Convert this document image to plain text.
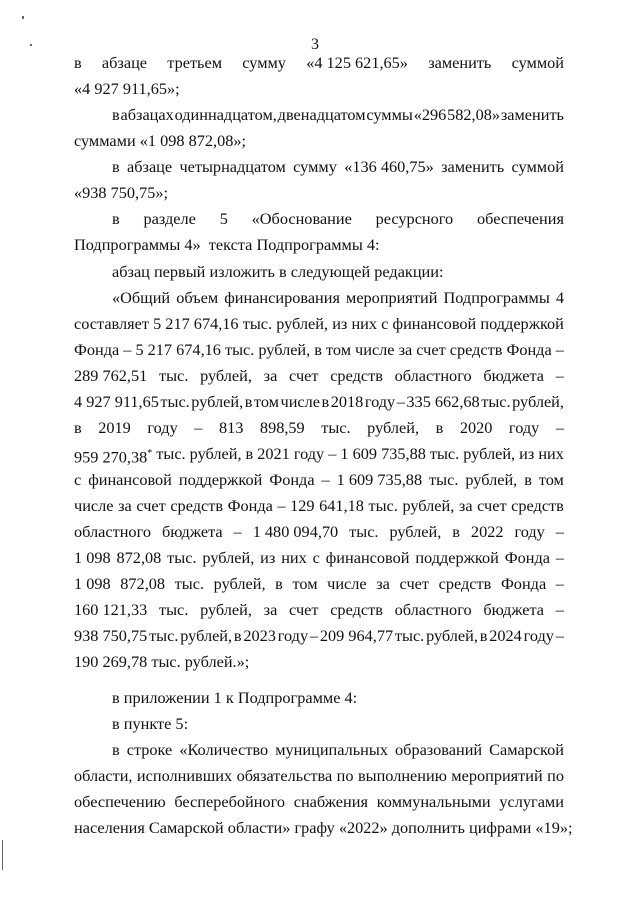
3
в абзаце третьем сумму «4 125 621,65» заменить суммой
«4 927 911,65»;
в абзацах одиннадцатом, двенадцатом суммы «296 582,08» заменить
суммами «1 098 872,08»;
в абзаце четырнадцатом сумму «136 460,75» заменить суммой
«938 750,75»;
в разделе 5 «Обоснование ресурсного обеспечения
Подпрограммы 4»  текста Подпрограммы 4:
абзац первый изложить в следующей редакции:
«Общий объем финансирования мероприятий Подпрограммы 4
составляет 5 217 674,16 тыс. рублей, из них с финансовой поддержкой
Фонда – 5 217 674,16 тыс. рублей, в том числе за счет средств Фонда –
289 762,51 тыс. рублей, за счет средств областного бюджета –
4 927 911,65 тыс. рублей, в том числе в 2018 году – 335 662,68 тыс. рублей,
в 2019 году – 813 898,59 тыс. рублей, в 2020 году –
959 270,38* тыс. рублей, в 2021 году – 1 609 735,88 тыс. рублей, из них
с финансовой поддержкой Фонда – 1 609 735,88 тыс. рублей, в том
числе за счет средств Фонда – 129 641,18 тыс. рублей, за счет средств
областного бюджета – 1 480 094,70 тыс. рублей, в 2022 году –
1 098 872,08 тыс. рублей, из них с финансовой поддержкой Фонда –
1 098 872,08 тыс. рублей, в том числе за счет средств Фонда –
160 121,33 тыс. рублей, за счет средств областного бюджета –
938 750,75 тыс. рублей, в 2023 году – 209 964,77 тыс. рублей, в 2024 году –
190 269,78 тыс. рублей.»;
в приложении 1 к Подпрограмме 4:
в пункте 5:
в строке «Количество муниципальных образований Самарской
области, исполнивших обязательства по выполнению мероприятий по
обеспечению бесперебойного снабжения коммунальными услугами
населения Самарской области» графу «2022» дополнить цифрами «19»;
